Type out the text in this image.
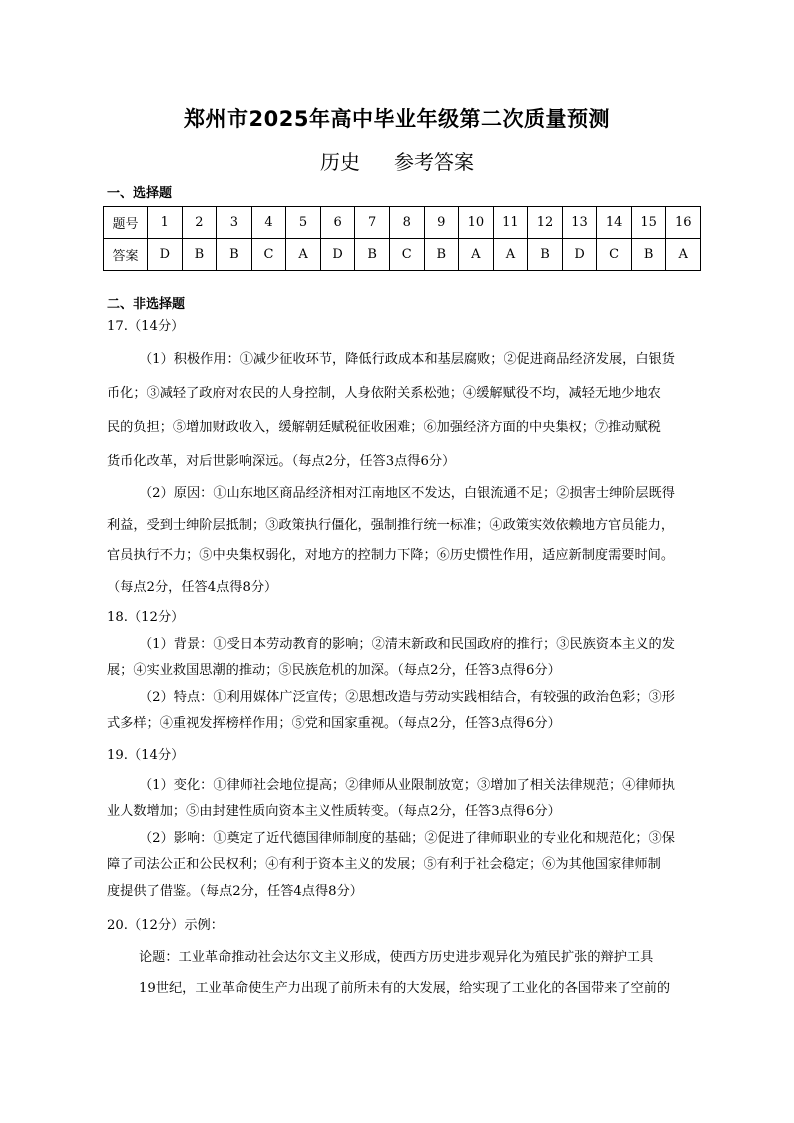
郑州市2025年高中毕业年级第二次质量预测
历史 参考答案
一、选择题
题号	1	2	3	4	5	6	7	8	9	10	11	12	13	14	15	16
答案	D	B	B	C	A	D	B	C	B	A	A	B	D	C	B	A
二、非选择题
17.（14分）
（1）积极作用：①减少征收环节，降低行政成本和基层腐败；②促进商品经济发展，白银货
币化；③减轻了政府对农民的人身控制，人身依附关系松弛；④缓解赋役不均，减轻无地少地农
民的负担；⑤增加财政收入，缓解朝廷赋税征收困难；⑥加强经济方面的中央集权；⑦推动赋税
货币化改革，对后世影响深远。（每点2分，任答3点得6分）
（2）原因：①山东地区商品经济相对江南地区不发达，白银流通不足；②损害士绅阶层既得
利益，受到士绅阶层抵制；③政策执行僵化，强制推行统一标准；④政策实效依赖地方官员能力，
官员执行不力；⑤中央集权弱化，对地方的控制力下降；⑥历史惯性作用，适应新制度需要时间。
（每点2分，任答4点得8分）
18.（12分）
（1）背景：①受日本劳动教育的影响；②清末新政和民国政府的推行；③民族资本主义的发
展；④实业救国思潮的推动；⑤民族危机的加深。（每点2分，任答3点得6分）
（2）特点：①利用媒体广泛宣传；②思想改造与劳动实践相结合，有较强的政治色彩；③形
式多样；④重视发挥榜样作用；⑤党和国家重视。（每点2分，任答3点得6分）
19.（14分）
（1）变化：①律师社会地位提高；②律师从业限制放宽；③增加了相关法律规范；④律师执
业人数增加；⑤由封建性质向资本主义性质转变。（每点2分，任答3点得6分）
（2）影响：①奠定了近代德国律师制度的基础；②促进了律师职业的专业化和规范化；③保
障了司法公正和公民权利；④有利于资本主义的发展；⑤有利于社会稳定；⑥为其他国家律师制
度提供了借鉴。（每点2分，任答4点得8分）
20.（12分）示例：
论题：工业革命推动社会达尔文主义形成，使西方历史进步观异化为殖民扩张的辩护工具
19世纪，工业革命使生产力出现了前所未有的大发展，给实现了工业化的各国带来了空前的
